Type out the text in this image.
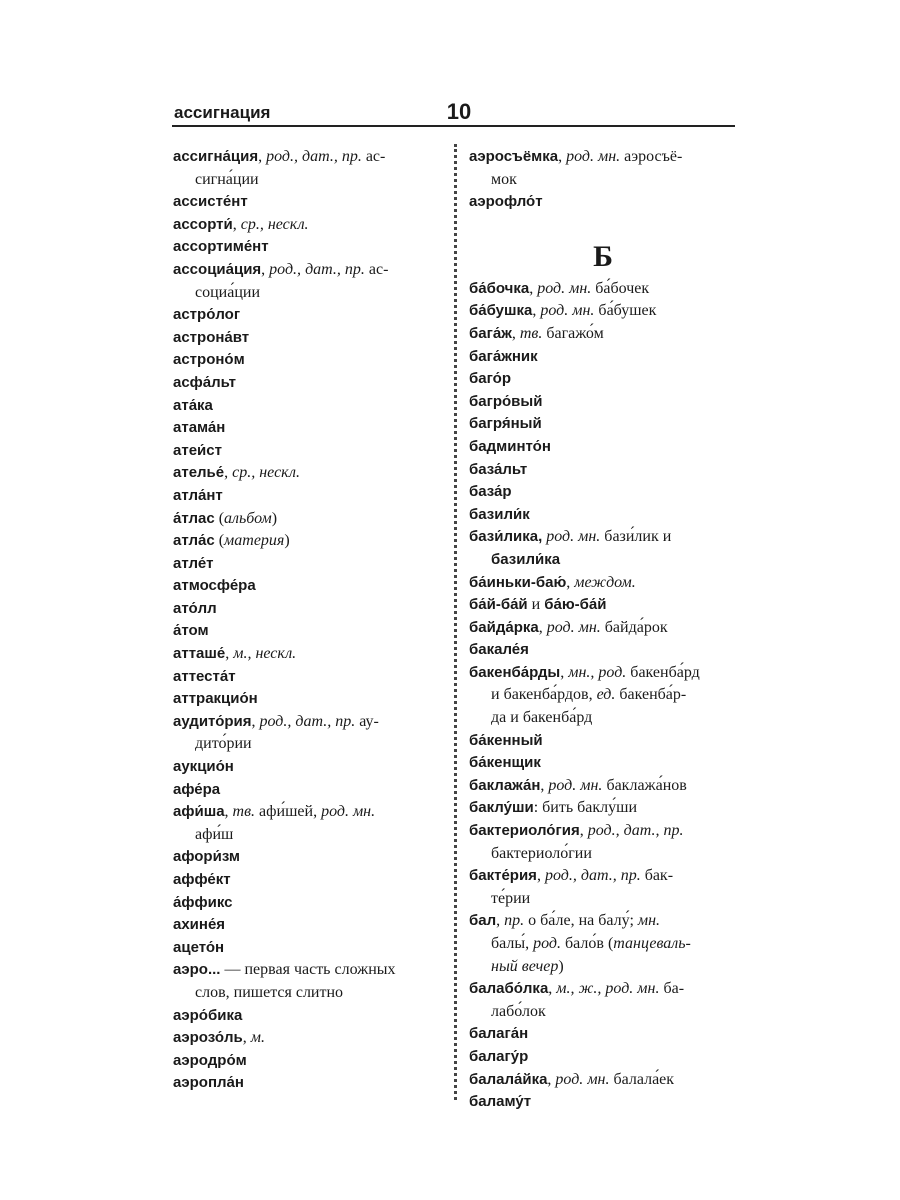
ассигнация	10
ассигна́ция, род., дат., пр. ас-
сигна́ции
ассисте́нт
ассорти́, ср., нескл.
ассортиме́нт
ассоциа́ция, род., дат., пр. ас-
социа́ции
астро́лог
астрона́вт
астроно́м
асфа́льт
ата́ка
атама́н
атеи́ст
ателье́, ср., нескл.
атла́нт
а́тлас (альбом)
атла́с (материя)
атле́т
атмосфе́ра
ато́лл
а́том
атташе́, м., нескл.
аттеста́т
аттракцио́н
аудито́рия, род., дат., пр. ау-
дито́рии
аукцио́н
афе́ра
афи́ша, тв. афи́шей, род. мн.
афи́ш
афори́зм
аффе́кт
а́ффикс
ахине́я
ацето́н
аэро... — первая часть сложных
слов, пишется слитно
аэро́бика
аэрозо́ль, м.
аэродро́м
аэропла́н
аэросъёмка, род. мн. аэросъё-
мок
аэрофло́т
Б
ба́бочка, род. мн. ба́бочек
ба́бушка, род. мн. ба́бушек
бага́ж, тв. багажо́м
бага́жник
баго́р
багро́вый
багря́ный
бадминто́н
база́льт
база́р
базили́к
бази́лика, род. мн. бази́лик и
базили́ка
ба́иньки-баю́, междом.
ба́й-ба́й и ба́ю-ба́й
байда́рка, род. мн. байда́рок
бакале́я
бакенба́рды, мн., род. бакенба́рд
и бакенба́рдов, ед. бакенба́р-
да и бакенба́рд
ба́кенный
ба́кенщик
баклажа́н, род. мн. баклажа́нов
баклу́ши: бить баклу́ши
бактериоло́гия, род., дат., пр.
бактериоло́гии
бакте́рия, род., дат., пр. бак-
те́рии
бал, пр. о ба́ле, на балу́; мн.
балы́, род. бало́в (танцеваль-
ный вечер)
балабо́лка, м., ж., род. мн. ба-
лабо́лок
балага́н
балагу́р
балала́йка, род. мн. балала́ек
баламу́т
